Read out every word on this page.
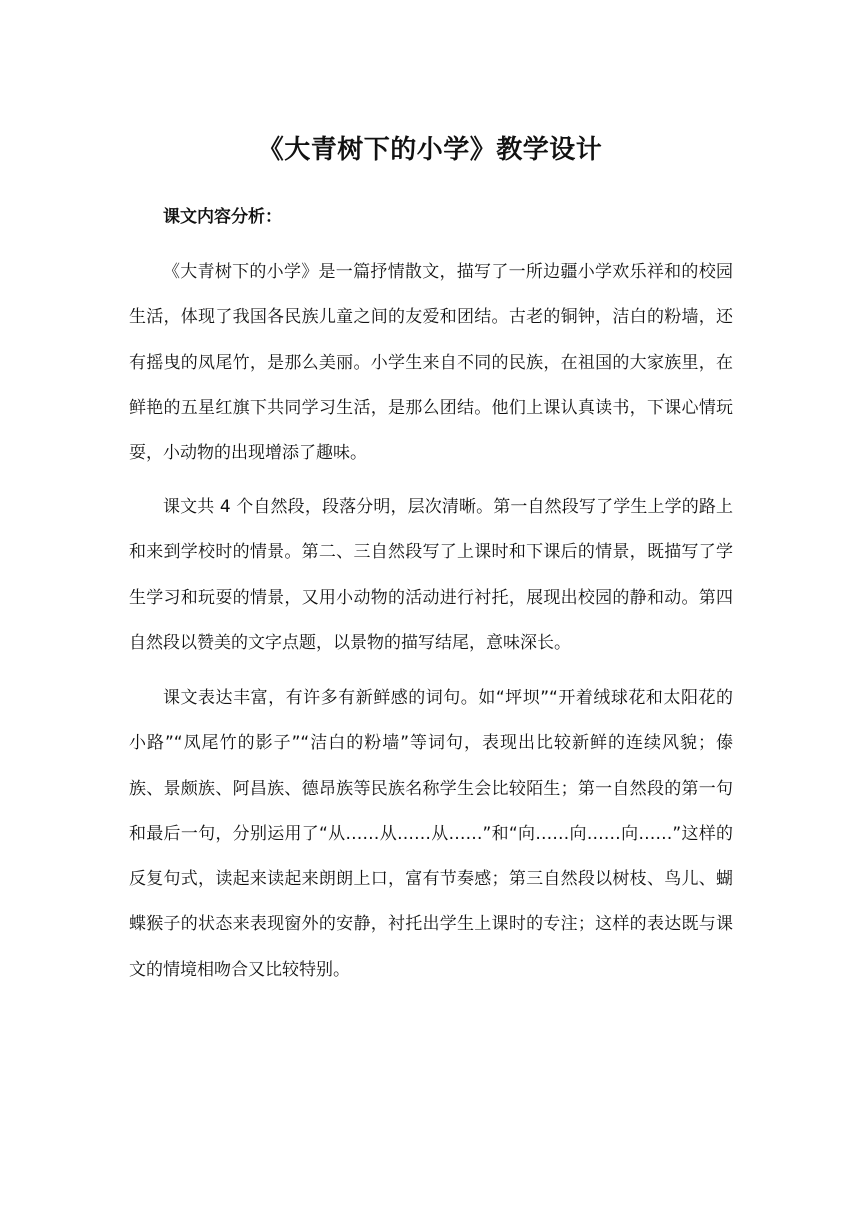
《大青树下的小学》教学设计
课文内容分析：

《大青树下的小学》是一篇抒情散文，描写了一所边疆小学欢乐祥和的校园生活，体现了我国各民族儿童之间的友爱和团结。古老的铜钟，洁白的粉墙，还有摇曳的凤尾竹，是那么美丽。小学生来自不同的民族，在祖国的大家族里，在鲜艳的五星红旗下共同学习生活，是那么团结。他们上课认真读书，下课心情玩耍，小动物的出现增添了趣味。

课文共 4 个自然段，段落分明，层次清晰。第一自然段写了学生上学的路上和来到学校时的情景。第二、三自然段写了上课时和下课后的情景，既描写了学生学习和玩耍的情景，又用小动物的活动进行衬托，展现出校园的静和动。第四自然段以赞美的文字点题，以景物的描写结尾，意味深长。

课文表达丰富，有许多有新鲜感的词句。如“坪坝”“开着绒球花和太阳花的小路”“凤尾竹的影子”“洁白的粉墙”等词句，表现出比较新鲜的连续风貌；傣族、景颇族、阿昌族、德昂族等民族名称学生会比较陌生；第一自然段的第一句和最后一句，分别运用了“从……从……从……”和“向……向……向……”这样的反复句式，读起来读起来朗朗上口，富有节奏感；第三自然段以树枝、鸟儿、蝴蝶猴子的状态来表现窗外的安静，衬托出学生上课时的专注；这样的表达既与课文的情境相吻合又比较特别。
